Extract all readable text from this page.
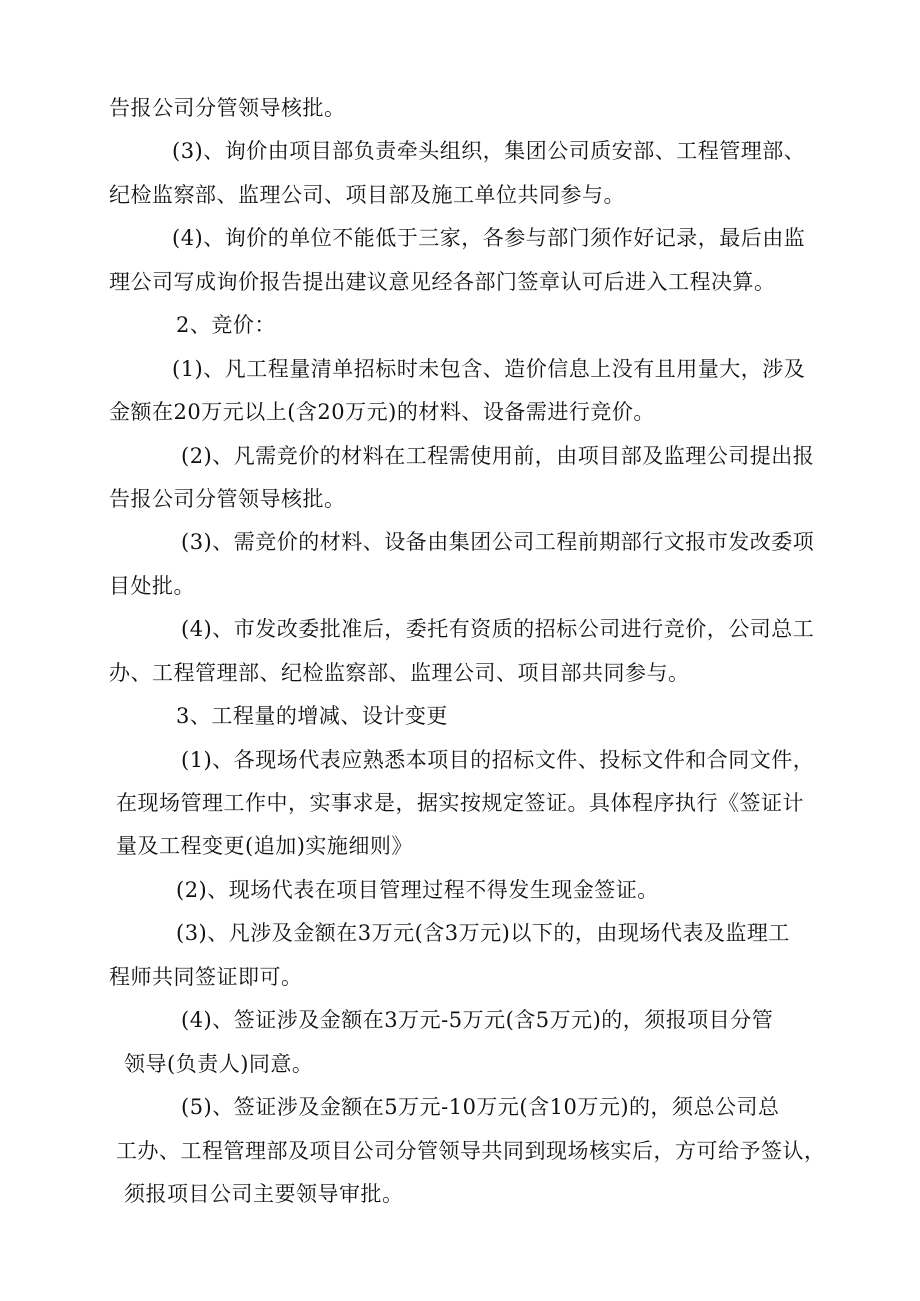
告报公司分管领导核批。
(3)、询价由项目部负责牵头组织，集团公司质安部、工程管理部、
纪检监察部、监理公司、项目部及施工单位共同参与。
(4)、询价的单位不能低于三家，各参与部门须作好记录，最后由监
理公司写成询价报告提出建议意见经各部门签章认可后进入工程决算。
2、竞价：
(1)、凡工程量清单招标时未包含、造价信息上没有且用量大，涉及
金额在20万元以上(含20万元)的材料、设备需进行竞价。
(2)、凡需竞价的材料在工程需使用前，由项目部及监理公司提出报
告报公司分管领导核批。
(3)、需竞价的材料、设备由集团公司工程前期部行文报市发改委项
目处批。
(4)、市发改委批准后，委托有资质的招标公司进行竞价，公司总工
办、工程管理部、纪检监察部、监理公司、项目部共同参与。
3、工程量的增减、设计变更
(1)、各现场代表应熟悉本项目的招标文件、投标文件和合同文件，
在现场管理工作中，实事求是，据实按规定签证。具体程序执行《签证计
量及工程变更(追加)实施细则》
(2)、现场代表在项目管理过程不得发生现金签证。
(3)、凡涉及金额在3万元(含3万元)以下的，由现场代表及监理工
程师共同签证即可。
(4)、签证涉及金额在3万元-5万元(含5万元)的，须报项目分管
领导(负责人)同意。
(5)、签证涉及金额在5万元-10万元(含10万元)的，须总公司总
工办、工程管理部及项目公司分管领导共同到现场核实后，方可给予签认，
须报项目公司主要领导审批。
